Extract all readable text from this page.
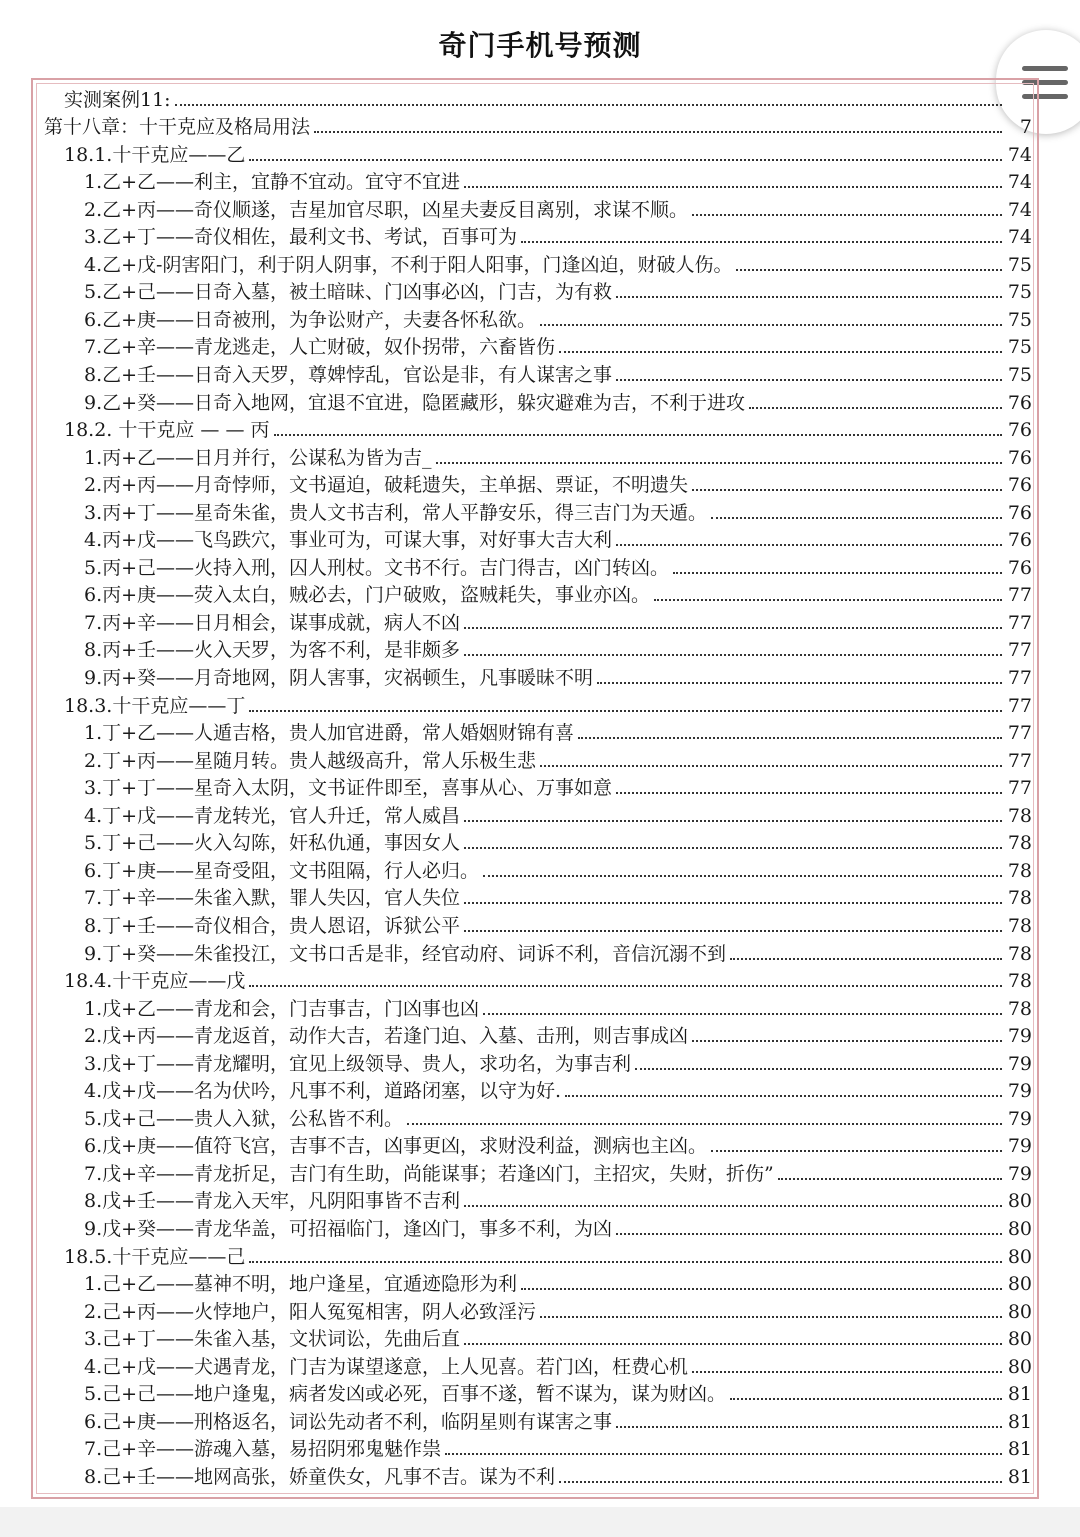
奇门手机号预测
实测案例11:
第十八章：十干克应及格局用法	7
18.1.十干克应——乙	74
1.乙+乙——利主，宜静不宜动。宜守不宜进	74
2.乙+丙——奇仪顺遂，吉星加官尽职，凶星夫妻反目离别，求谋不顺。	74
3.乙+丁——奇仪相佐，最利文书、考试，百事可为	74
4.乙+戊-阴害阳门，利于阴人阴事，不利于阳人阳事，门逢凶迫，财破人伤。	75
5.乙+己——日奇入墓，被土暗昧、门凶事必凶，门吉，为有救	75
6.乙+庚——日奇被刑，为争讼财产，夫妻各怀私欲。	75
7.乙+辛——青龙逃走，人亡财破，奴仆拐带，六畜皆伤	75
8.乙+壬——日奇入天罗，尊婢悖乱，官讼是非，有人谋害之事	75
9.乙+癸——日奇入地网，宜退不宜进，隐匿藏形，躲灾避难为吉，不利于进攻	76
18.2. 十干克应 — — 丙	76
1.丙+乙——日月并行，公谋私为皆为吉_	76
2.丙+丙——月奇悖师，文书逼迫，破耗遗失，主单据、票证，不明遗失	76
3.丙+丁——星奇朱雀，贵人文书吉利，常人平静安乐，得三吉门为天遁。	76
4.丙+戊——飞鸟跌穴，事业可为，可谋大事，对好事大吉大利	76
5.丙+己——火持入刑，囚人刑杖。文书不行。吉门得吉，凶门转凶。	76
6.丙+庚——荧入太白，贼必去，门户破败，盗贼耗失，事业亦凶。	77
7.丙+辛——日月相会，谋事成就，病人不凶	77
8.丙+壬——火入天罗，为客不利，是非颇多	77
9.丙+癸——月奇地网，阴人害事，灾祸顿生，凡事暖昧不明	77
18.3.十干克应——丁	77
1.丁+乙——人遁吉格，贵人加官进爵，常人婚姻财锦有喜	77
2.丁+丙——星随月转。贵人越级高升，常人乐极生悲	77
3.丁+丁——星奇入太阴，文书证件即至，喜事从心、万事如意	77
4.丁+戊——青龙转光，官人升迁，常人威昌	78
5.丁+己——火入勾陈，奸私仇通，事因女人	78
6.丁+庚——星奇受阻，文书阻隔，行人必归。	78
7.丁+辛——朱雀入默，罪人失囚，官人失位	78
8.丁+壬——奇仪相合，贵人恩诏，诉狱公平	78
9.丁+癸——朱雀投江，文书口舌是非，经官动府、词诉不利，音信沉溺不到	78
18.4.十干克应——戊	78
1.戊+乙——青龙和会，门吉事吉，门凶事也凶	78
2.戊+丙——青龙返首，动作大吉，若逢门迫、入墓、击刑，则吉事成凶	79
3.戊+丁——青龙耀明，宜见上级领导、贵人，求功名，为事吉利	79
4.戊+戊——名为伏吟，凡事不利，道路闭塞，以守为好.	79
5.戊+己——贵人入狱，公私皆不利。	79
6.戊+庚——值符飞宫，吉事不吉，凶事更凶，求财没利益，测病也主凶。	79
7.戊+辛——青龙折足，吉门有生助，尚能谋事；若逢凶门，主招灾，失财，折伤”	79
8.戊+壬——青龙入天牢，凡阴阳事皆不吉利	80
9.戊+癸——青龙华盖，可招福临门，逢凶门，事多不利，为凶	80
18.5.十干克应——己	80
1.己+乙——墓神不明，地户逢星，宜遁迹隐形为利	80
2.己+丙——火悖地户，阳人冤冤相害，阴人必致淫污	80
3.己+丁——朱雀入基，文状词讼，先曲后直	80
4.己+戊——犬遇青龙，门吉为谋望遂意，上人见喜。若门凶，枉费心机	80
5.己+己——地户逢鬼，病者发凶或必死，百事不遂，暂不谋为，谋为财凶。	81
6.己+庚——刑格返名，词讼先动者不利，临阴星则有谋害之事	81
7.己+辛——游魂入墓，易招阴邪鬼魅作祟	81
8.己+壬——地网高张，娇童佚女，凡事不吉。谋为不利	81
